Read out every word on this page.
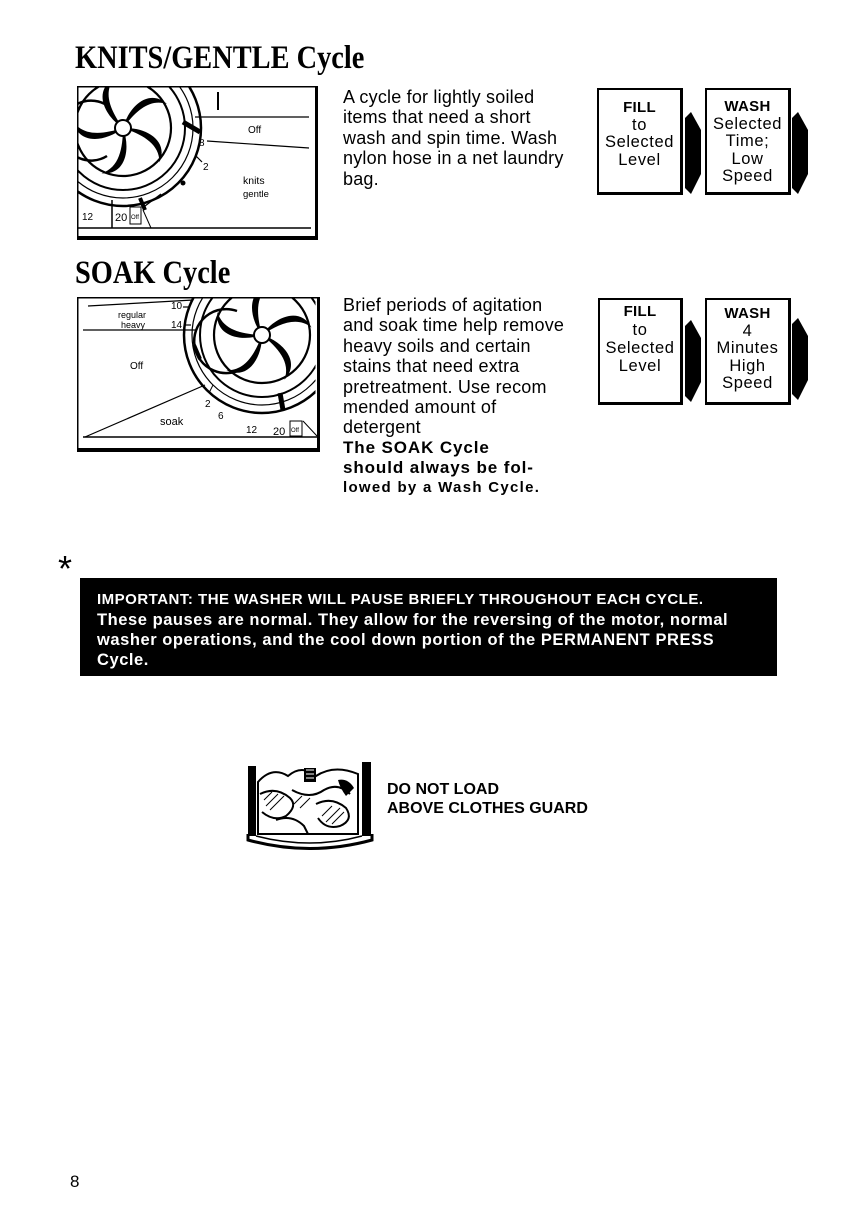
KNITS/GENTLE Cycle
Off
8
2
knits
gentle
12 20 Off
A cycle for lightly soiled
items that need a short
wash and spin time. Wash
nylon hose in a net laundry
bag.
FILL
to
Selected
Level
WASH
Selected
Time;
Low
Speed
SOAK Cycle
10
regular
heavy	14
Off
2
6
soak
12 20 Off
Brief periods of agitation
and soak time help remove
heavy soils and certain
stains that need extra
pretreatment. Use recom
mended amount of
detergent
The SOAK Cycle
should always be fol-
lowed by a Wash Cycle.
FILL
to
Selected
Level
WASH
4
Minutes
High
Speed
*
IMPORTANT: THE WASHER WILL PAUSE BRIEFLY THROUGHOUT EACH CYCLE.
These pauses are normal. They allow for the reversing of the motor, normal
washer operations, and the cool down portion of the PERMANENT PRESS
Cycle.
DO NOT LOAD
ABOVE CLOTHES GUARD
8
